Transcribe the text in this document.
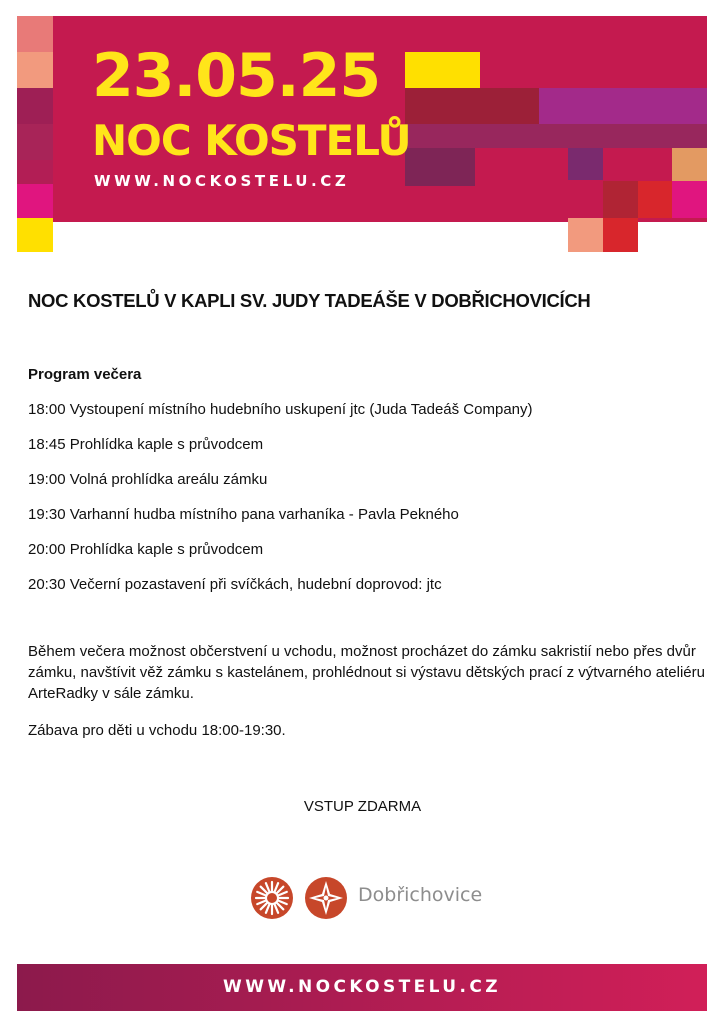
23.05.25
NOC KOSTELŮ
WWW.NOCKOSTELU.CZ
NOC KOSTELŮ V KAPLI SV. JUDY TADEÁŠE V DOBŘICHOVICÍCH

Program večera

18:00 Vystoupení místního hudebního uskupení jtc (Juda Tadeáš Company)
18:45 Prohlídka kaple s průvodcem
19:00 Volná prohlídka areálu zámku
19:30 Varhanní hudba místního pana varhaníka - Pavla Pekného
20:00 Prohlídka kaple s průvodcem
20:30 Večerní pozastavení při svíčkách, hudební doprovod: jtc

Během večera možnost občerstvení u vchodu, možnost procházet do zámku sakristií nebo přes dvůr zámku, navštívit věž zámku s kastelánem, prohlédnout si výstavu dětských prací z výtvarného ateliéru ArteRadky v sále zámku.

Zábava pro děti u vchodu 18:00-19:30.

VSTUP ZDARMA

Dobřichovice
WWW.NOCKOSTELU.CZ
